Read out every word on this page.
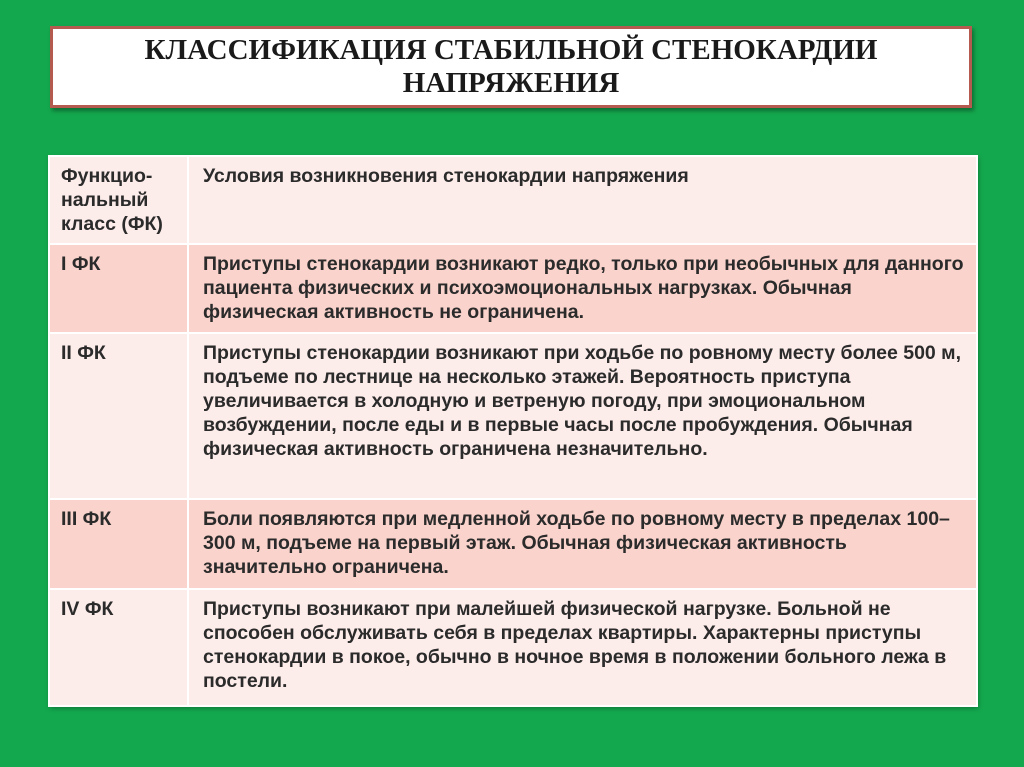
КЛАССИФИКАЦИЯ СТАБИЛЬНОЙ СТЕНОКАРДИИ
НАПРЯЖЕНИЯ
Функцио-нальный класс (ФК)	Условия возникновения стенокардии напряжения
I ФК	Приступы стенокардии возникают редко, только при необычных для данного пациента физических и психоэмоциональных нагрузках. Обычная физическая активность не ограничена.
II ФК	Приступы стенокардии возникают при ходьбе по ровному месту более 500 м, подъеме по лестнице на несколько этажей. Вероятность приступа увеличивается в холодную и ветреную погоду, при эмоциональном возбуждении, после еды и в первые часы после пробуждения. Обычная физическая активность ограничена незначительно.
III ФК	Боли появляются при медленной ходьбе по ровному месту в пределах 100–300 м, подъеме на первый этаж. Обычная физическая активность значительно ограничена.
IV ФК	Приступы возникают при малейшей физической нагрузке. Больной не способен обслуживать себя в пределах квартиры. Характерны приступы стенокардии в покое, обычно в ночное время в положении больного лежа в постели.
